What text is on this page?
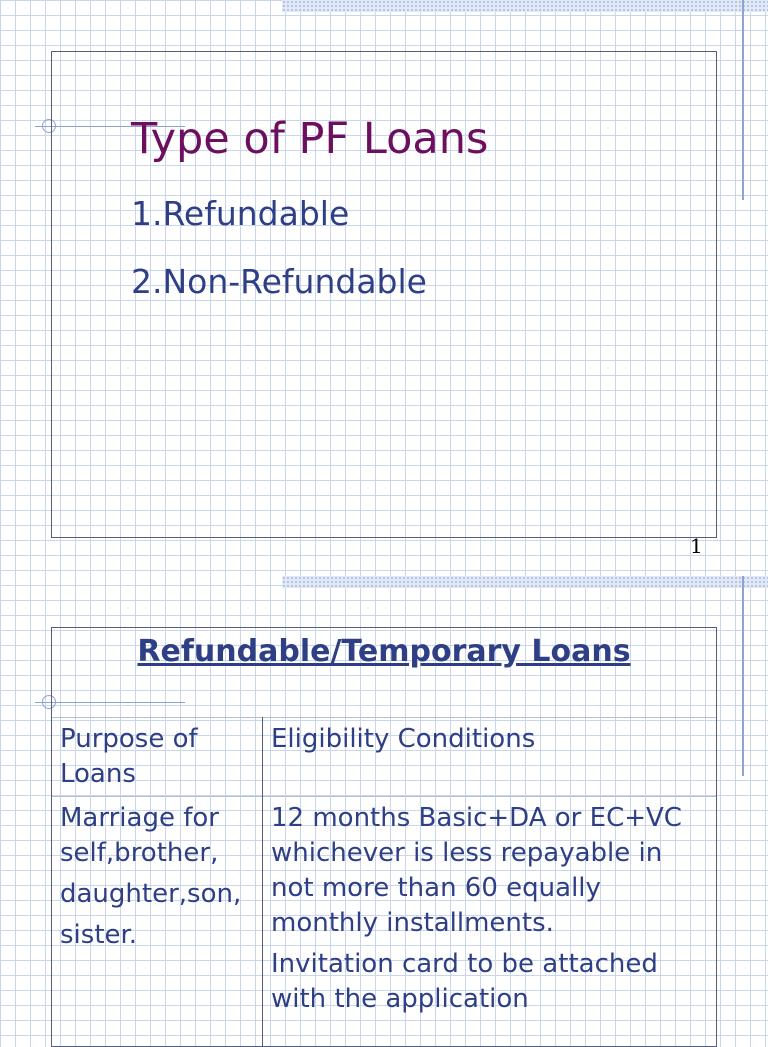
Type of PF Loans
1.Refundable
2.Non-Refundable
1
Refundable/Temporary Loans
Purpose of Loans
Eligibility Conditions

Marriage for self,brother,

daughter,son,

sister.

12 months Basic+DA or EC+VC whichever is less repayable in not more than 60 equally monthly installments.

Invitation card to be attached with the application
